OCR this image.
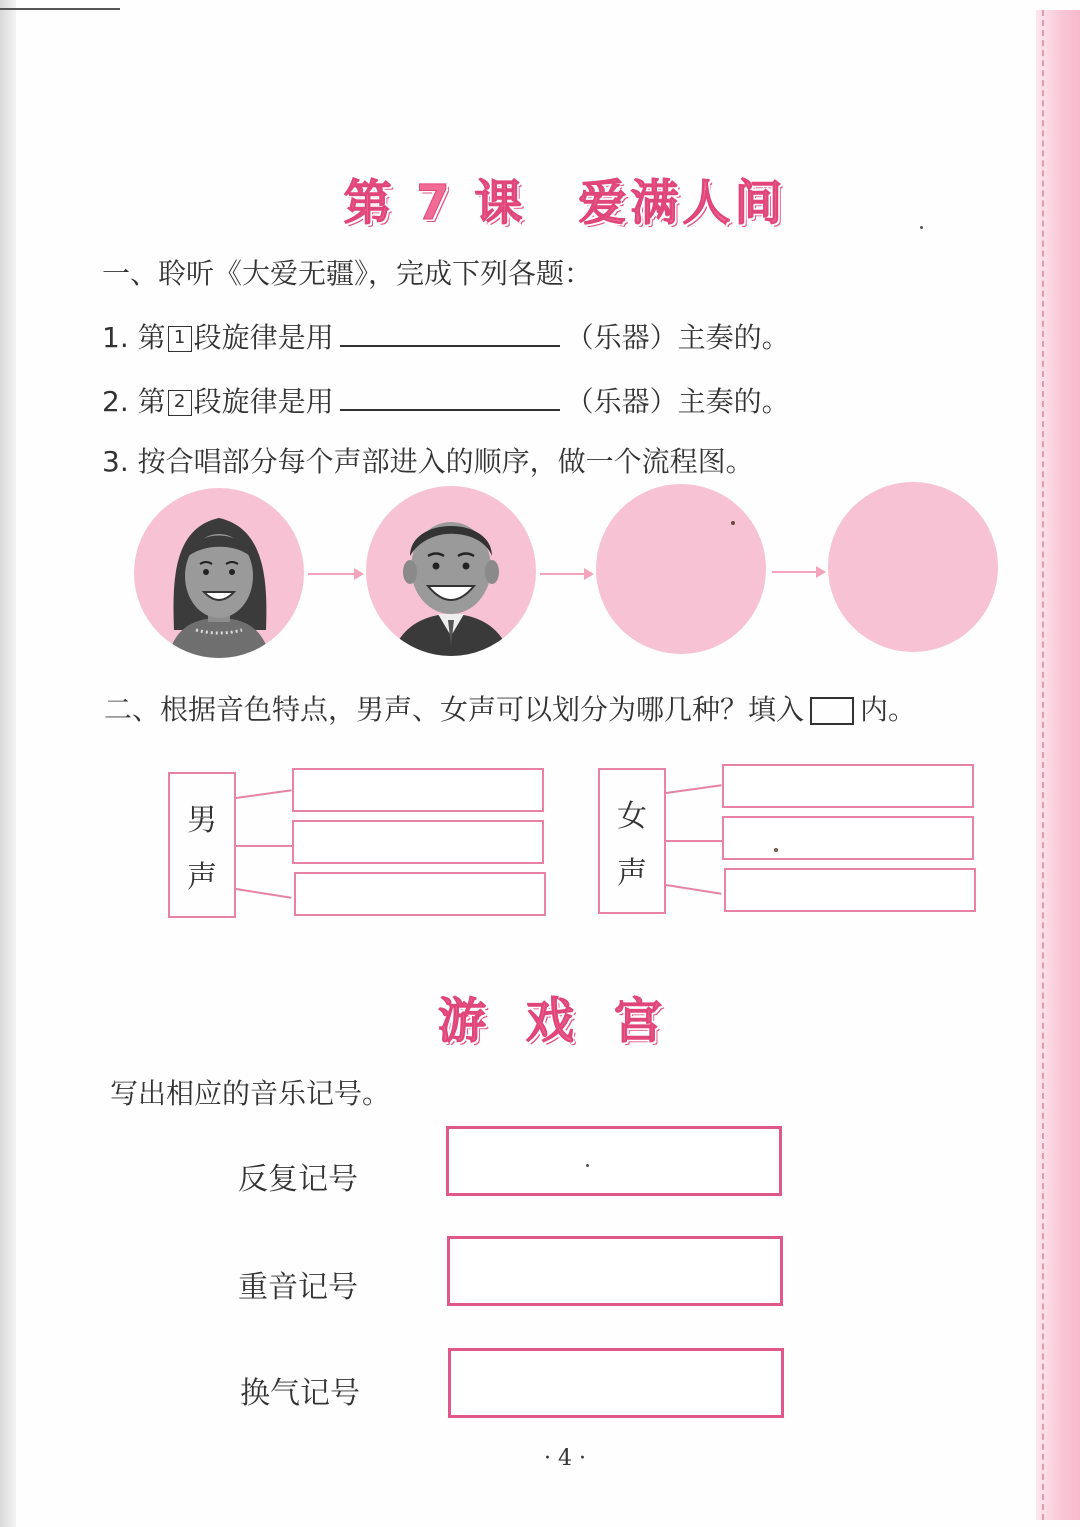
第 7 课　爱满人间
一、聆听《大爱无疆》，完成下列各题：
1. 第 1 段旋律是用	（乐器）主奏的。
2. 第 2 段旋律是用	（乐器）主奏的。
3. 按合唱部分每个声部进入的顺序，做一个流程图。
二、根据音色特点，男声、女声可以划分为哪几种？填入 内。
男
声
女
声
游戏宫
写出相应的音乐记号。
反复记号
重音记号
换气记号
· 4 ·
